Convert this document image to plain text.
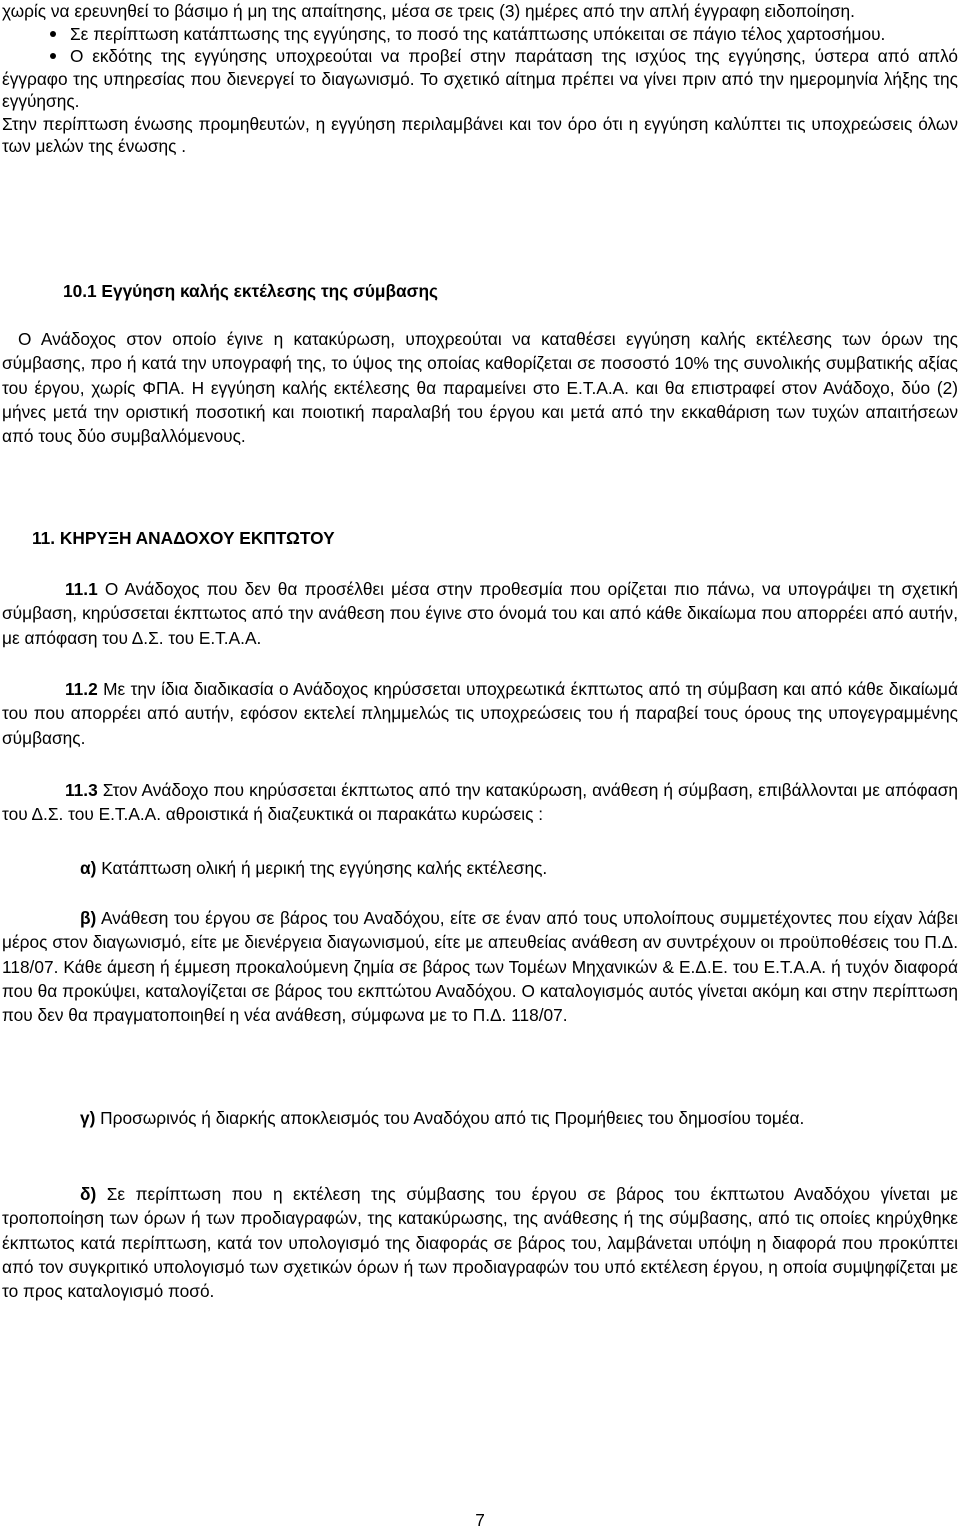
χωρίς να ερευνηθεί το βάσιμο ή μη της απαίτησης, μέσα σε τρεις (3) ημέρες από την απλή έγγραφη ειδοποίηση.

Σε περίπτωση κατάπτωσης της εγγύησης, το ποσό της κατάπτωσης υπόκειται σε πάγιο τέλος χαρτοσήμου.

Ο εκδότης της εγγύησης υποχρεούται να προβεί στην παράταση της ισχύος της εγγύησης, ύστερα από απλό έγγραφο της υπηρεσίας που διενεργεί το διαγωνισμό. Το σχετικό αίτημα πρέπει να γίνει πριν από την ημερομηνία λήξης της εγγύησης.

Στην περίπτωση ένωσης προμηθευτών, η εγγύηση περιλαμβάνει και τον όρο ότι η εγγύηση καλύπτει τις υποχρεώσεις όλων των μελών της ένωσης .

10.1 Εγγύηση καλής εκτέλεσης της σύμβασης

Ο Ανάδοχος στον οποίο έγινε η κατακύρωση, υποχρεούται να καταθέσει εγγύηση καλής εκτέλεσης των όρων της σύμβασης, προ ή κατά την υπογραφή της, το ύψος της οποίας καθορίζεται σε ποσοστό 10% της συνολικής συμβατικής αξίας του έργου, χωρίς ΦΠΑ. Η εγγύηση καλής εκτέλεσης θα παραμείνει στο Ε.Τ.Α.Α. και θα επιστραφεί στον Ανάδοχο, δύο (2) μήνες μετά την οριστική ποσοτική και ποιοτική παραλαβή του έργου και μετά από την εκκαθάριση των τυχών απαιτήσεων από τους δύο συμβαλλόμενους.

11. ΚΗΡΥΞΗ ΑΝΑΔΟΧΟΥ ΕΚΠΤΩΤΟΥ

11.1 Ο Ανάδοχος που δεν θα προσέλθει μέσα στην προθεσμία που ορίζεται πιο πάνω, να υπογράψει τη σχετική σύμβαση, κηρύσσεται έκπτωτος από την ανάθεση που έγινε στο όνομά του και από κάθε δικαίωμα που απορρέει από αυτήν, με απόφαση του Δ.Σ. του Ε.Τ.Α.Α.

11.2 Με την ίδια διαδικασία ο Ανάδοχος κηρύσσεται υποχρεωτικά έκπτωτος από τη σύμβαση και από κάθε δικαίωμά του που απορρέει από αυτήν, εφόσον εκτελεί πλημμελώς τις υποχρεώσεις του ή παραβεί τους όρους της υπογεγραμμένης σύμβασης.

11.3 Στον Ανάδοχο που κηρύσσεται έκπτωτος από την κατακύρωση, ανάθεση ή σύμβαση, επιβάλλονται με απόφαση του Δ.Σ. του Ε.Τ.Α.Α. αθροιστικά ή διαζευκτικά οι παρακάτω κυρώσεις :

α) Κατάπτωση ολική ή μερική της εγγύησης καλής εκτέλεσης.

β) Ανάθεση του έργου σε βάρος του Αναδόχου, είτε σε έναν από τους υπολοίπους συμμετέχοντες που είχαν λάβει μέρος στον διαγωνισμό, είτε με διενέργεια διαγωνισμού, είτε με απευθείας ανάθεση αν συντρέχουν οι προϋποθέσεις του Π.Δ. 118/07. Κάθε άμεση ή έμμεση προκαλούμενη ζημία σε βάρος των Τομέων Μηχανικών & Ε.Δ.Ε. του Ε.Τ.Α.Α. ή τυχόν διαφορά που θα προκύψει, καταλογίζεται σε βάρος του εκπτώτου Αναδόχου. Ο καταλογισμός αυτός γίνεται ακόμη και στην περίπτωση που δεν θα πραγματοποιηθεί η νέα ανάθεση, σύμφωνα με το Π.Δ. 118/07.

γ) Προσωρινός ή διαρκής αποκλεισμός του Αναδόχου από τις Προμήθειες του δημοσίου τομέα.

δ) Σε περίπτωση που η εκτέλεση της σύμβασης του έργου σε βάρος του έκπτωτου Αναδόχου γίνεται με τροποποίηση των όρων ή των προδιαγραφών, της κατακύρωσης, της ανάθεσης ή της σύμβασης, από τις οποίες κηρύχθηκε έκπτωτος κατά περίπτωση, κατά τον υπολογισμό της διαφοράς σε βάρος του, λαμβάνεται υπόψη η διαφορά που προκύπτει από τον συγκριτικό υπολογισμό των σχετικών όρων ή των προδιαγραφών του υπό εκτέλεση έργου, η οποία συμψηφίζεται με το προς καταλογισμό ποσό.

7
